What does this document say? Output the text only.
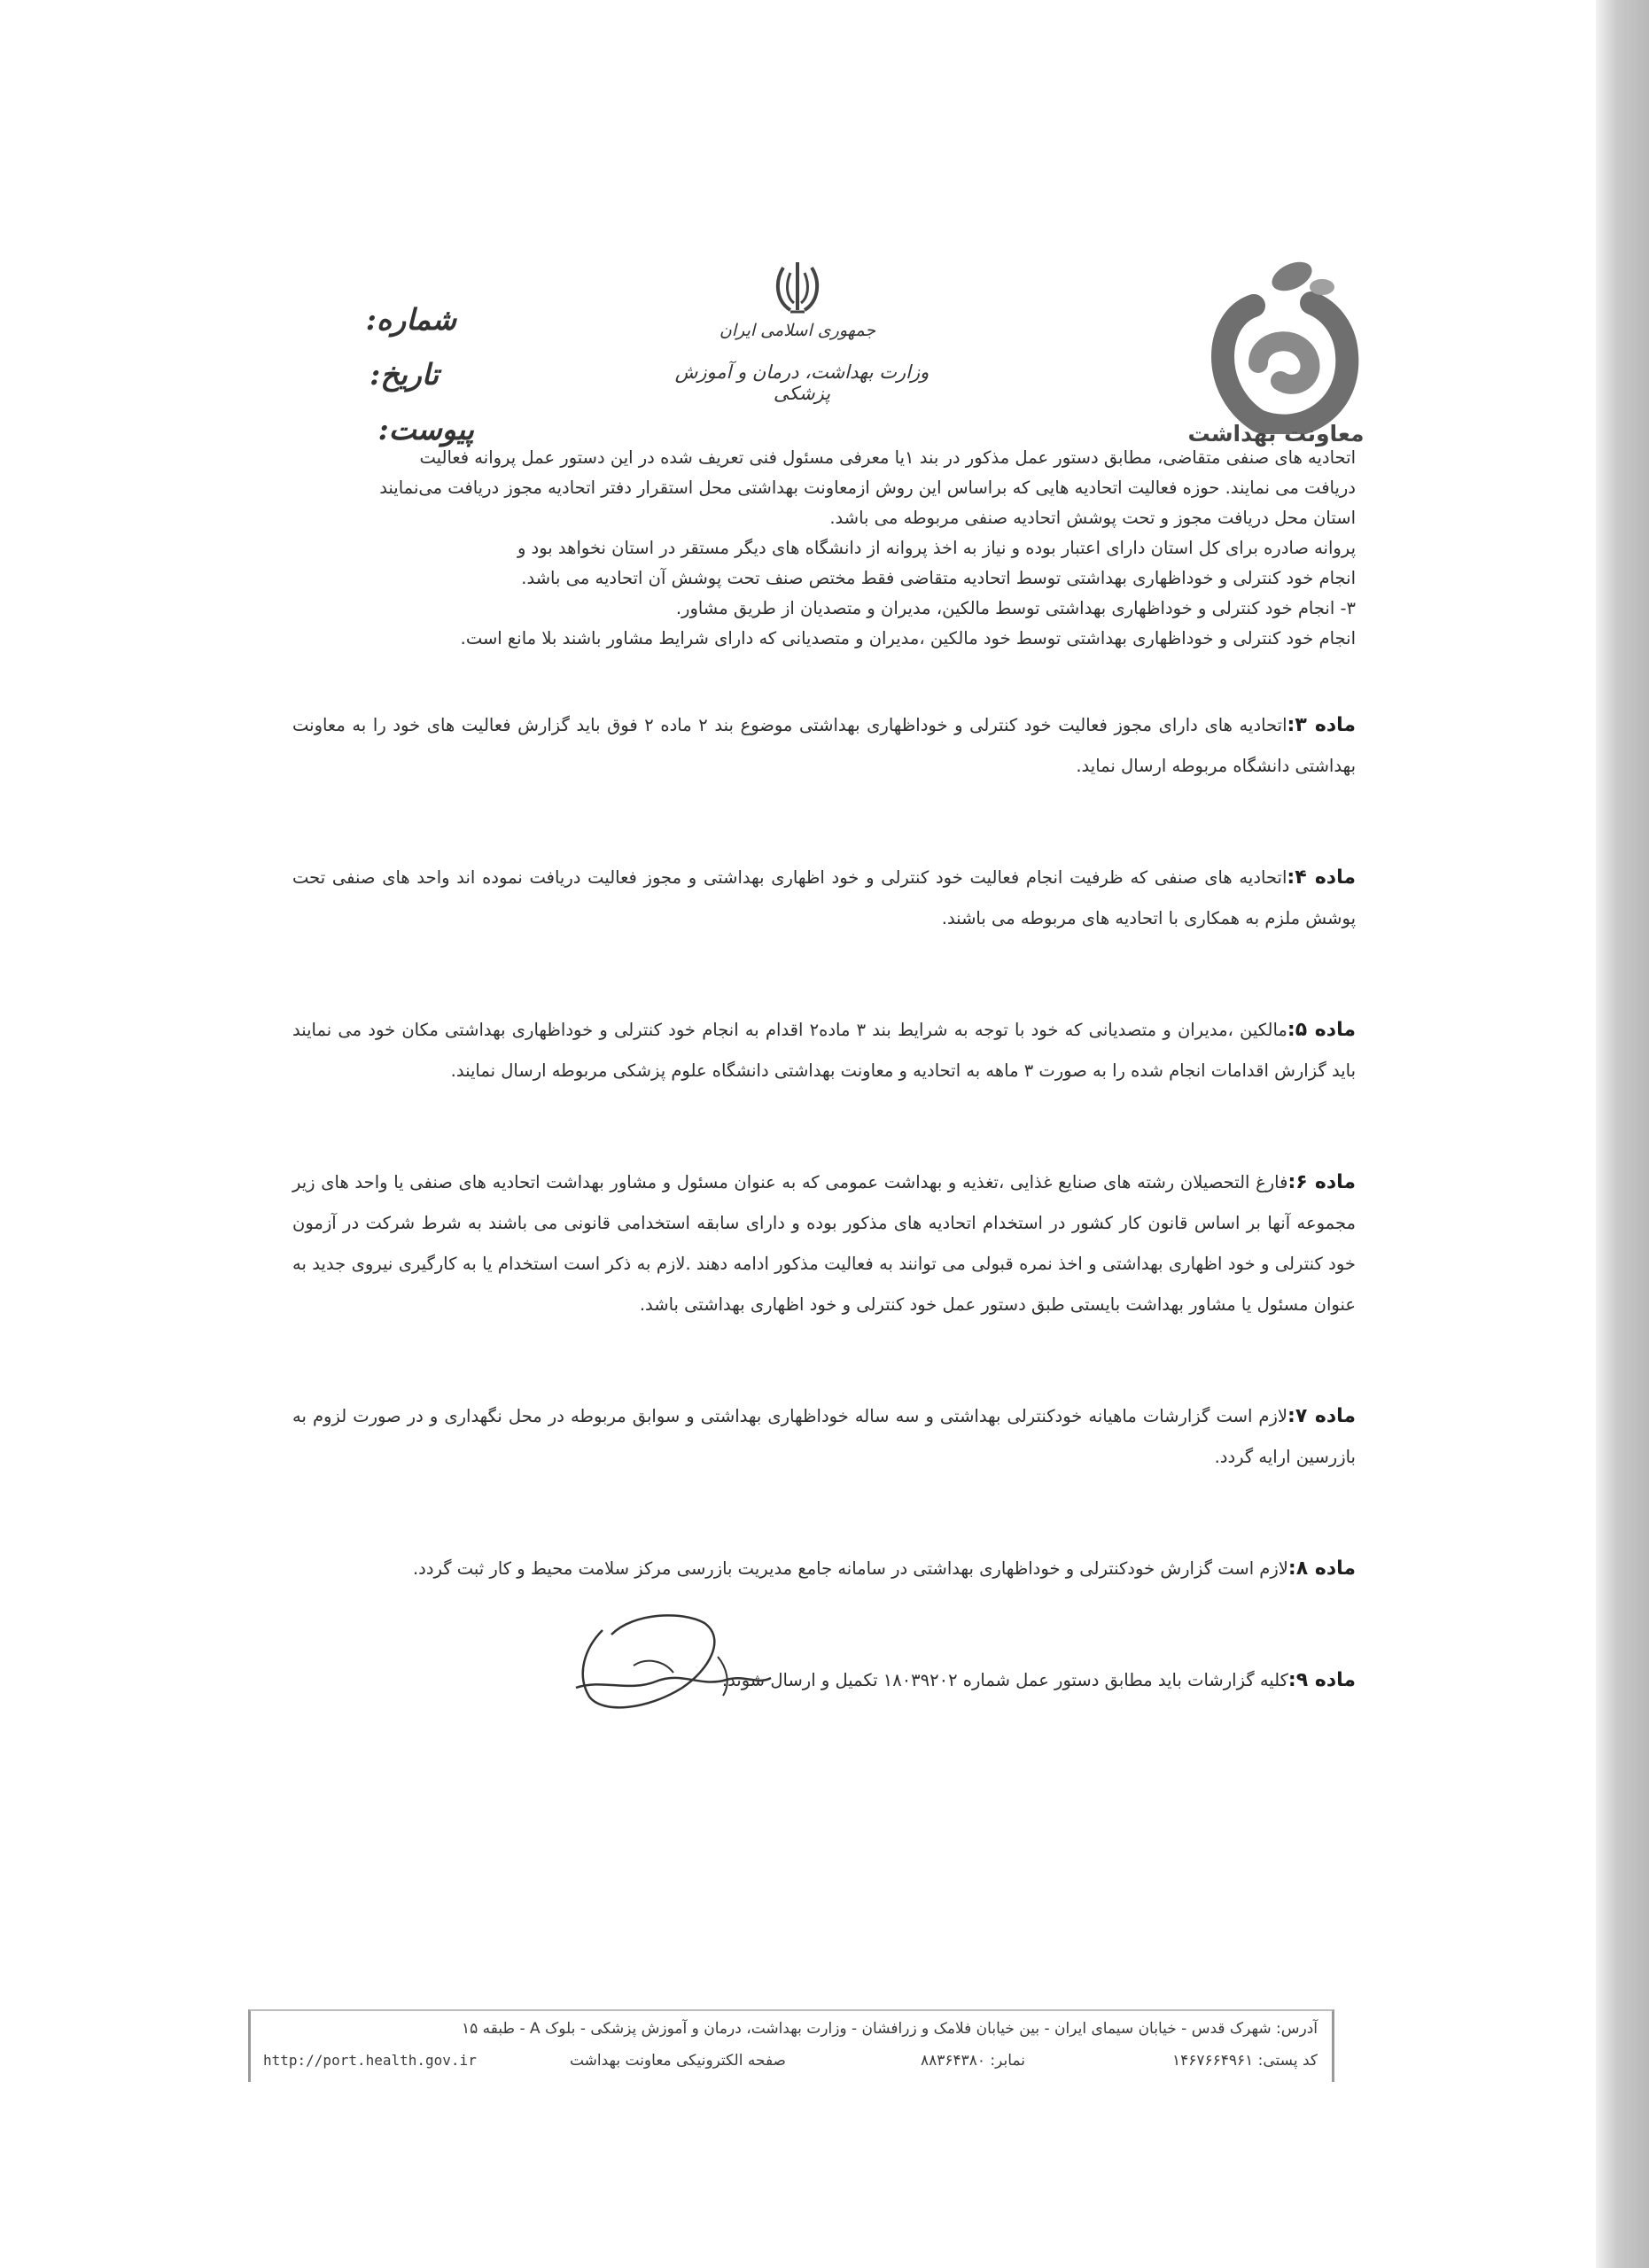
معاونت بهداشت
جمهوری اسلامی ایران
وزارت بهداشت، درمان و آموزش پزشکی
شماره:
تاریخ:
پیوست:

اتحادیه های صنفی متقاضی، مطابق دستور عمل مذکور در بند ۱یا معرفی مسئول فنی تعریف شده در این دستور عمل پروانه فعالیت

دریافت می نمایند. حوزه فعالیت اتحادیه هایی که براساس این روش ازمعاونت بهداشتی محل استقرار دفتر اتحادیه مجوز دریافت می‌نمایند

استان محل دریافت مجوز و تحت پوشش اتحادیه صنفی مربوطه می باشد.

پروانه صادره برای کل استان دارای اعتبار بوده و نیاز به اخذ پروانه از دانشگاه های دیگر مستقر در استان نخواهد بود و

انجام خود کنترلی و خوداظهاری بهداشتی توسط اتحادیه متقاضی فقط مختص صنف تحت پوشش آن اتحادیه می باشد.

۳- انجام خود کنترلی و خوداظهاری بهداشتی توسط مالکین، مدیران و متصدیان از طریق مشاور.

انجام خود کنترلی و خوداظهاری بهداشتی توسط خود مالکین ،مدیران و متصدیانی که دارای شرایط مشاور باشند بلا مانع است.

ماده ۳:اتحادیه های دارای مجوز فعالیت خود کنترلی و خوداظهاری بهداشتی موضوع بند ۲ ماده ۲ فوق باید گزارش فعالیت های خود را به معاونت بهداشتی دانشگاه مربوطه ارسال نماید.

ماده ۴:اتحادیه های صنفی که ظرفیت انجام فعالیت خود کنترلی و خود اظهاری بهداشتی و مجوز فعالیت دریافت نموده اند واحد های صنفی تحت پوشش ملزم به همکاری با اتحادیه های مربوطه می باشند.

ماده ۵:مالکین ،مدیران و متصدیانی که خود با توجه به شرایط بند ۳ ماده۲ اقدام به انجام خود کنترلی و خوداظهاری بهداشتی مکان خود می نمایند باید گزارش اقدامات انجام شده را به صورت ۳ ماهه به اتحادیه و معاونت بهداشتی دانشگاه علوم پزشکی مربوطه ارسال نمایند.

ماده ۶:فارغ التحصیلان رشته های صنایع غذایی ،تغذیه و بهداشت عمومی که به عنوان مسئول و مشاور بهداشت اتحادیه های صنفی یا واحد های زیر مجموعه آنها بر اساس قانون کار کشور در استخدام اتحادیه های مذکور بوده و دارای سابقه استخدامی قانونی می باشند به شرط شرکت در آزمون خود کنترلی و خود اظهاری بهداشتی و اخذ نمره قبولی می توانند به فعالیت مذکور ادامه دهند .لازم به ذکر است استخدام یا به کارگیری نیروی جدید به عنوان مسئول یا مشاور بهداشت بایستی طبق دستور عمل خود کنترلی و خود اظهاری بهداشتی باشد.

ماده ۷:لازم است گزارشات ماهیانه خودکنترلی بهداشتی و سه ساله خوداظهاری بهداشتی و سوابق مربوطه در محل نگهداری و در صورت لزوم به بازرسین ارایه گردد.

ماده ۸:لازم است گزارش خودکنترلی و خوداظهاری بهداشتی در سامانه جامع مدیریت بازرسی مرکز سلامت محیط و کار ثبت گردد.

ماده ۹:کلیه گزارشات باید مطابق دستور عمل شماره ۱۸۰۳۹۲۰۲ تکمیل و ارسال شوند.

آدرس: شهرک قدس - خیابان سیمای ایران - بین خیابان فلامک و زرافشان - وزارت بهداشت، درمان و آموزش پزشکی - بلوک A - طبقه ۱۵
کد پستی: ۱۴۶۷۶۶۴۹۶۱
نمابر: ۸۸۳۶۴۳۸۰
صفحه الکترونیکی معاونت بهداشت
http://port.health.gov.ir
